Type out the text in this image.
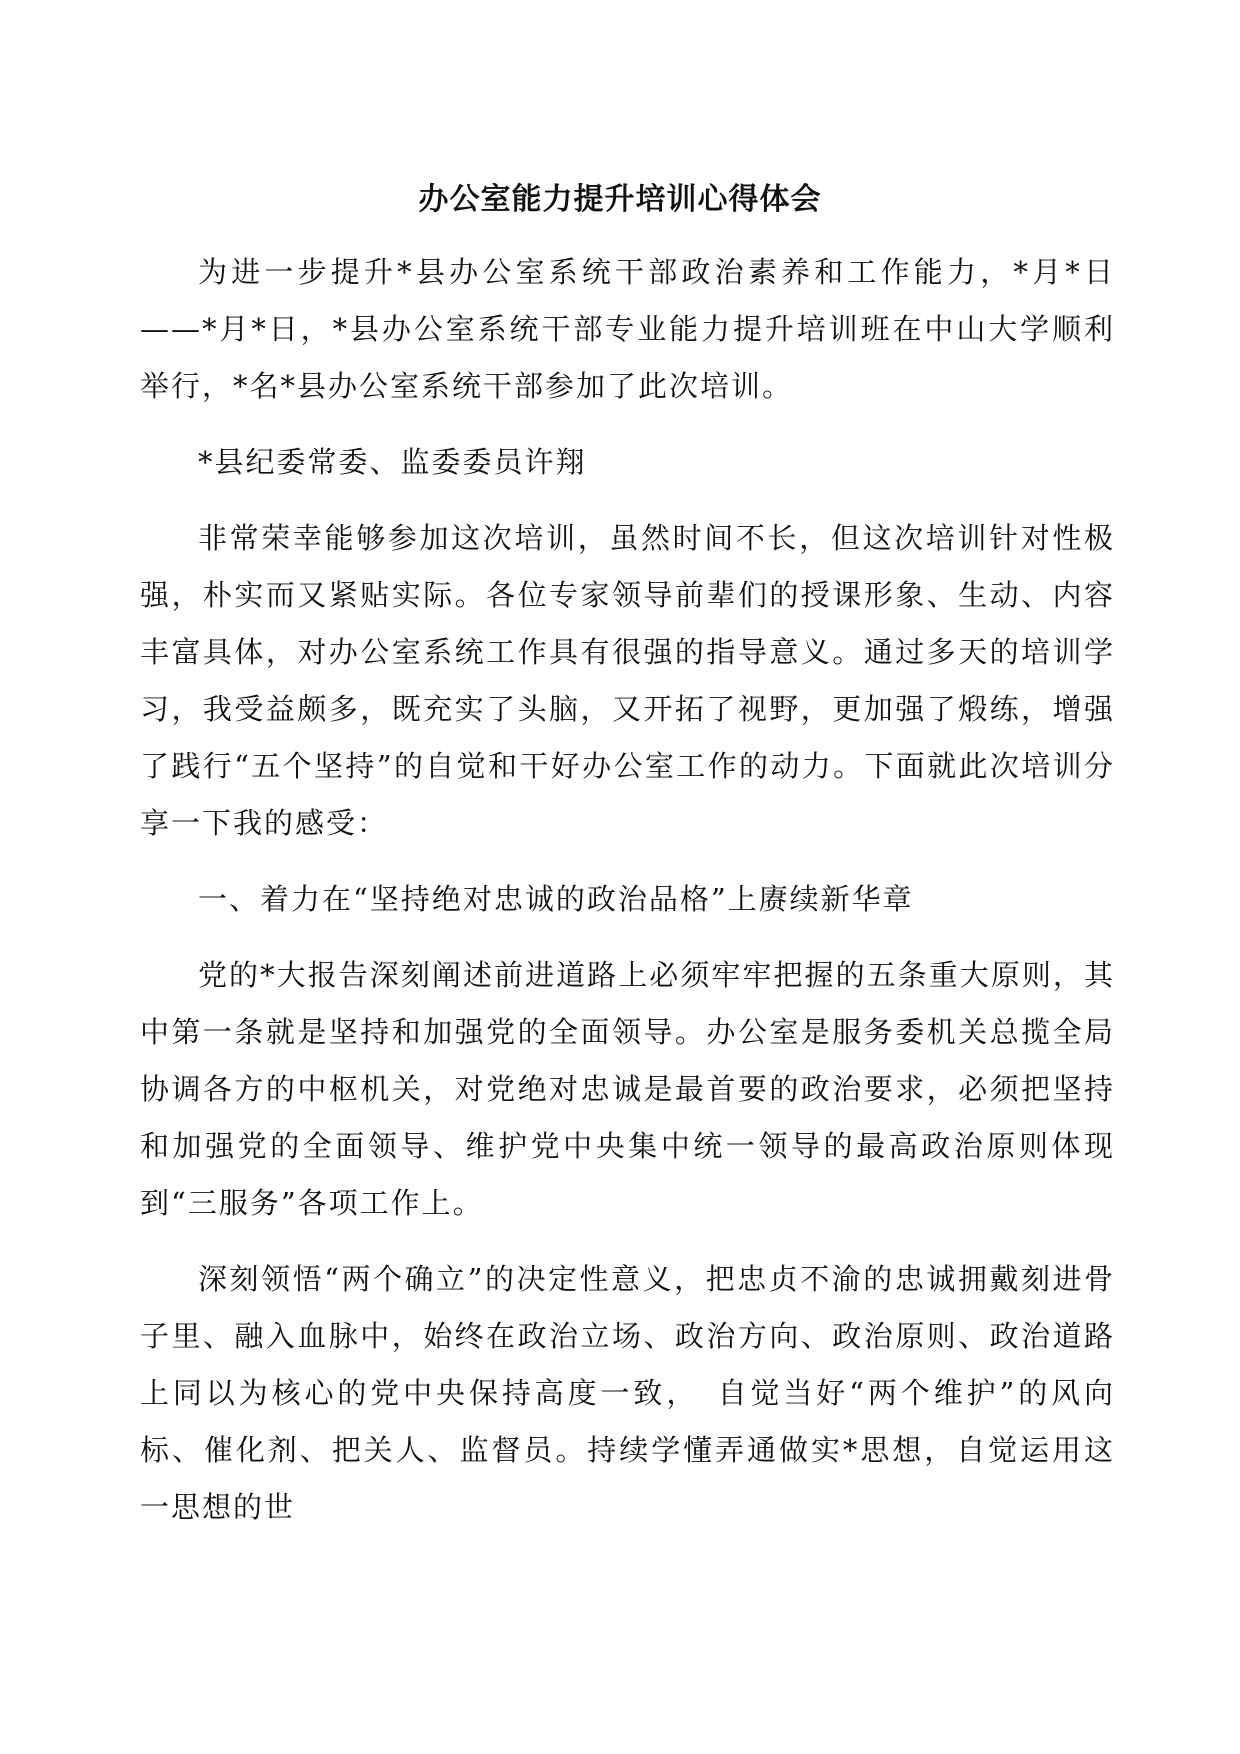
办公室能力提升培训心得体会

为进一步提升*县办公室系统干部政治素养和工作能力，*月*日——*月*日，*县办公室系统干部专业能力提升培训班在中山大学顺利举行，*名*县办公室系统干部参加了此次培训。

*县纪委常委、监委委员许翔

非常荣幸能够参加这次培训，虽然时间不长，但这次培训针对性极强，朴实而又紧贴实际。各位专家领导前辈们的授课形象、生动、内容丰富具体，对办公室系统工作具有很强的指导意义。通过多天的培训学习，我受益颇多，既充实了头脑，又开拓了视野，更加强了煅练，增强了践行“五个坚持”的自觉和干好办公室工作的动力。下面就此次培训分享一下我的感受：

一、着力在“坚持绝对忠诚的政治品格”上赓续新华章

党的*大报告深刻阐述前进道路上必须牢牢把握的五条重大原则，其中第一条就是坚持和加强党的全面领导。办公室是服务委机关总揽全局协调各方的中枢机关，对党绝对忠诚是最首要的政治要求，必须把坚持和加强党的全面领导、维护党中央集中统一领导的最高政治原则体现到“三服务”各项工作上。

深刻领悟“两个确立”的决定性意义，把忠贞不渝的忠诚拥戴刻进骨子里、融入血脉中，始终在政治立场、政治方向、政治原则、政治道路上同以为核心的党中央保持高度一致，　自觉当好“两个维护”的风向标、催化剂、把关人、监督员。持续学懂弄通做实*思想，自觉运用这一思想的世
